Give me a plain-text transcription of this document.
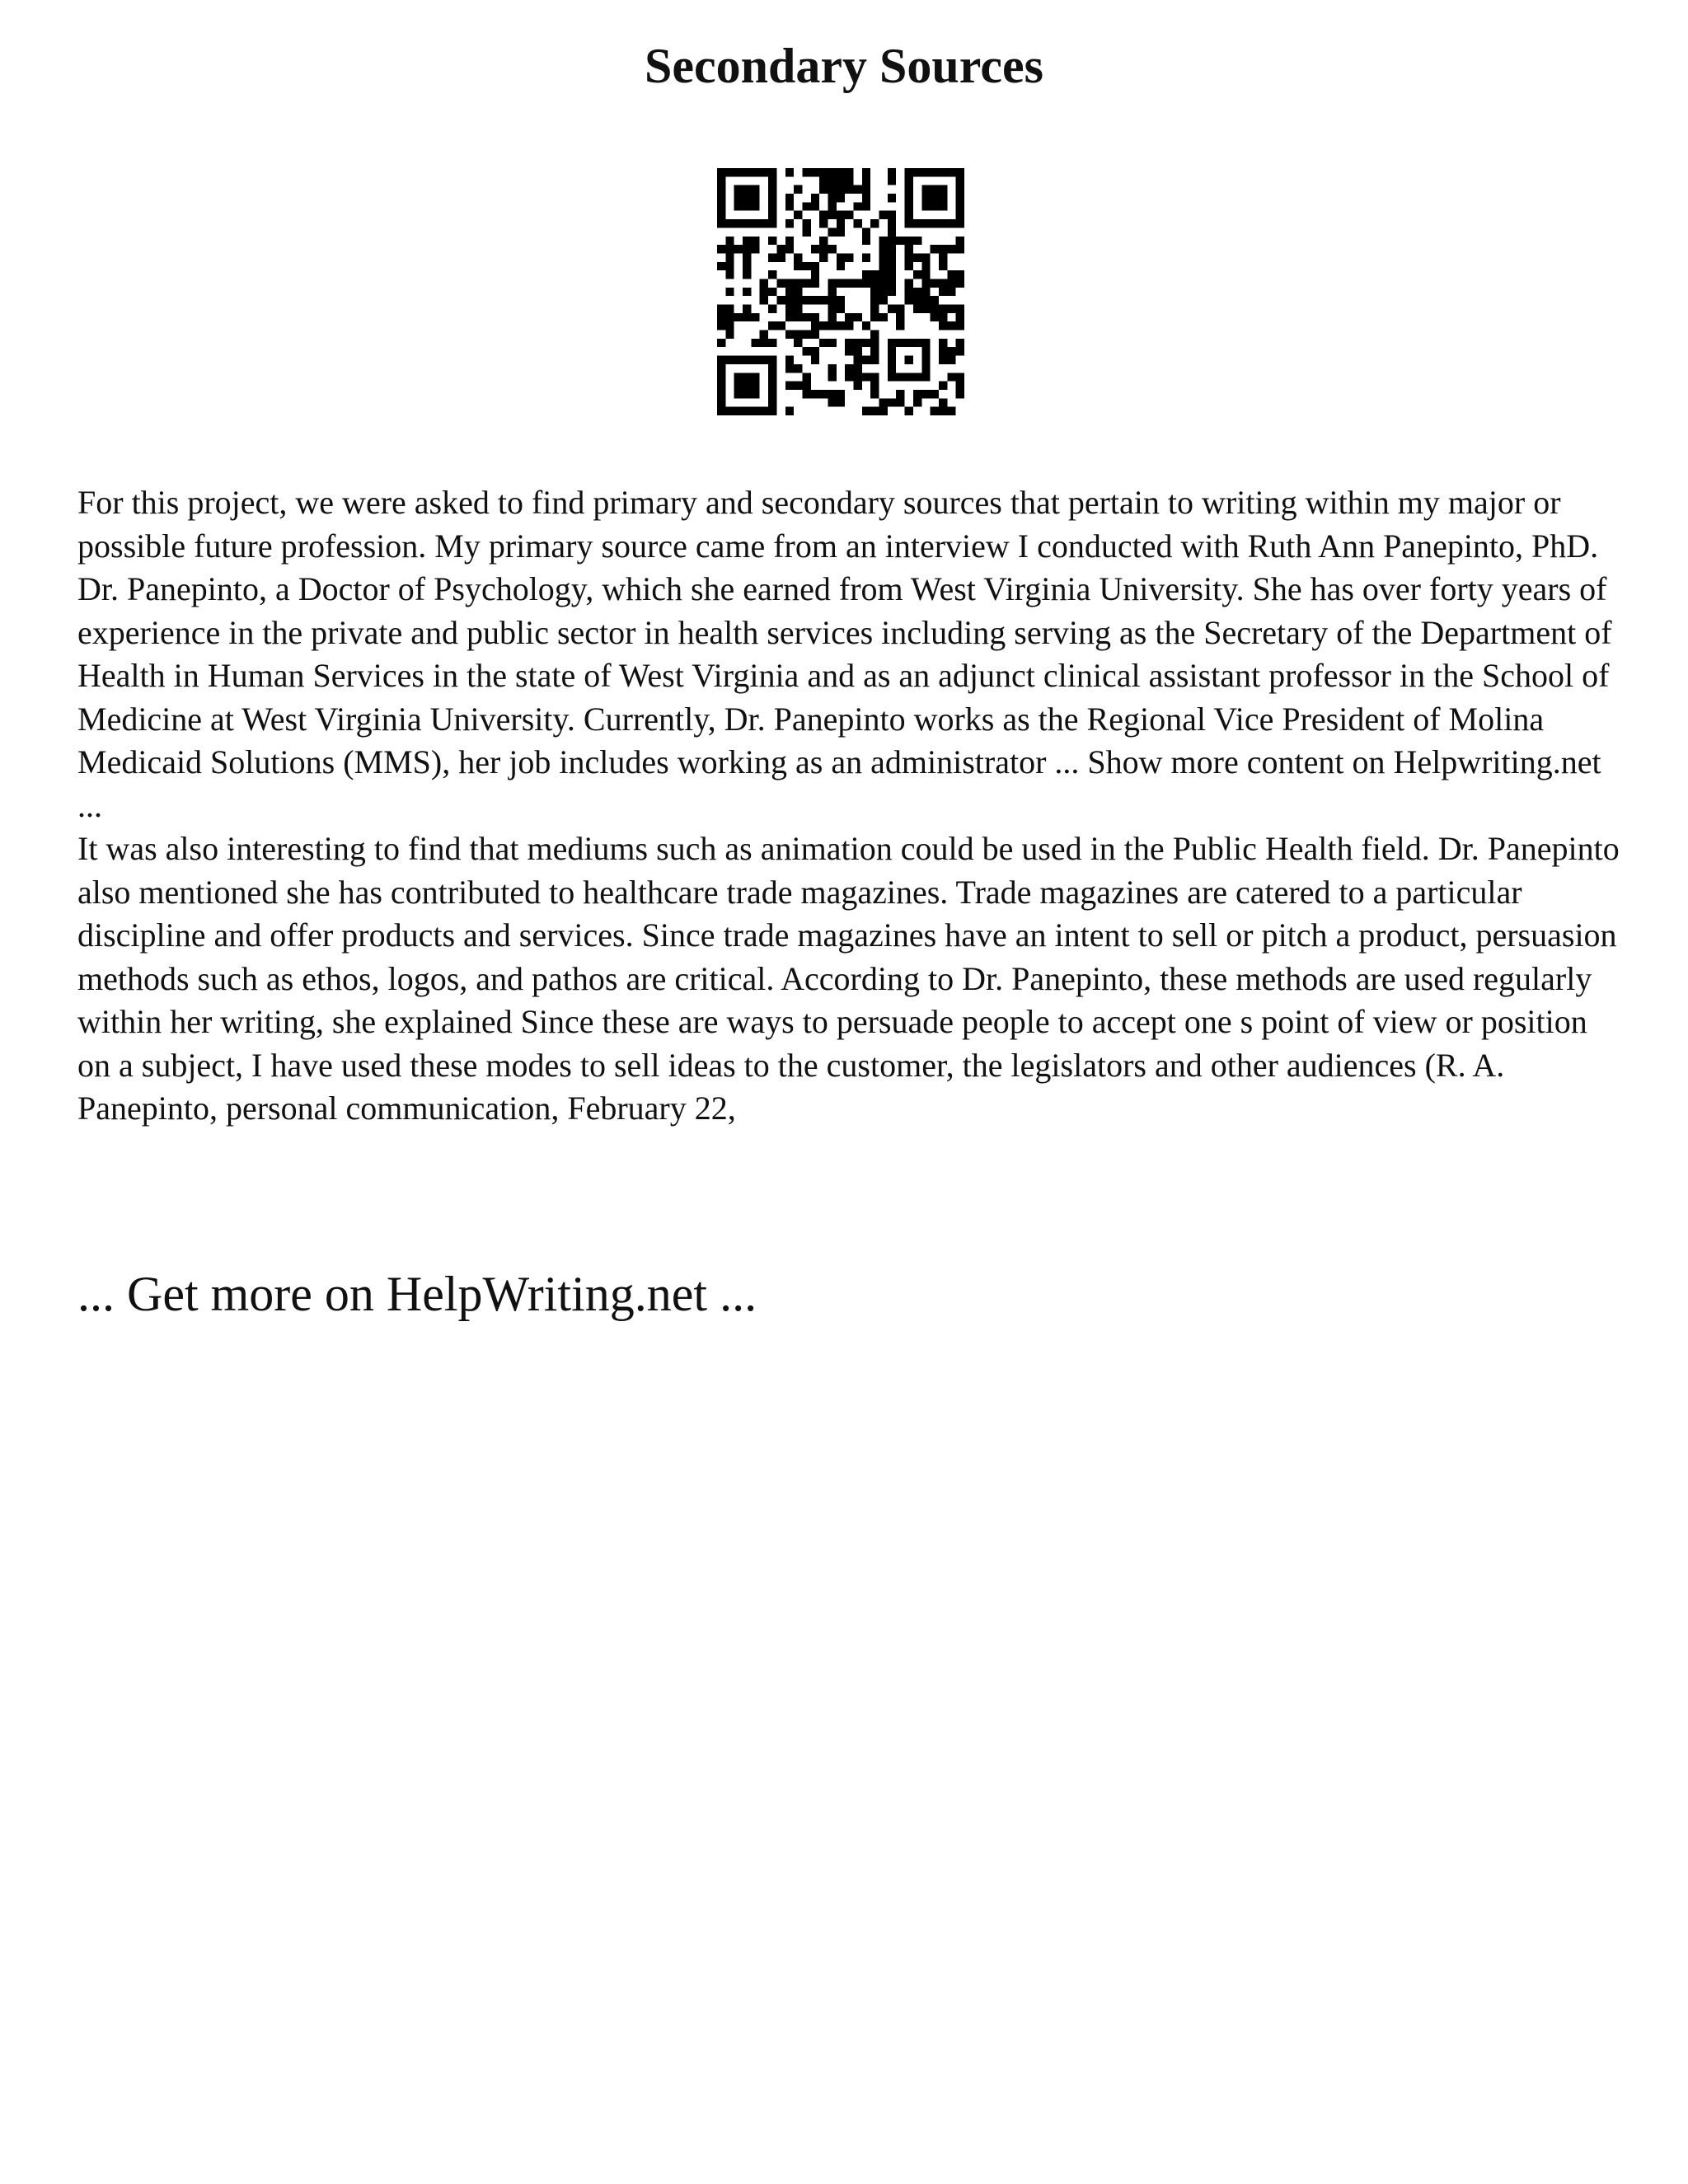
Secondary Sources

For this project, we were asked to find primary and secondary sources that pertain to writing within my major or possible future profession. My primary source came from an interview I conducted with Ruth Ann Panepinto, PhD. Dr. Panepinto, a Doctor of Psychology, which she earned from West Virginia University. She has over forty years of experience in the private and public sector in health services including serving as the Secretary of the Department of Health in Human Services in the state of West Virginia and as an adjunct clinical assistant professor in the School of Medicine at West Virginia University. Currently, Dr. Panepinto works as the Regional Vice President of Molina Medicaid Solutions (MMS), her job includes working as an administrator ... Show more content on Helpwriting.net ...

It was also interesting to find that mediums such as animation could be used in the Public Health field. Dr. Panepinto also mentioned she has contributed to healthcare trade magazines. Trade magazines are catered to a particular discipline and offer products and services. Since trade magazines have an intent to sell or pitch a product, persuasion methods such as ethos, logos, and pathos are critical. According to Dr. Panepinto, these methods are used regularly within her writing, she explained Since these are ways to persuade people to accept one s point of view or position on a subject, I have used these modes to sell ideas to the customer, the legislators and other audiences (R. A. Panepinto, personal communication, February 22,

... Get more on HelpWriting.net ...
